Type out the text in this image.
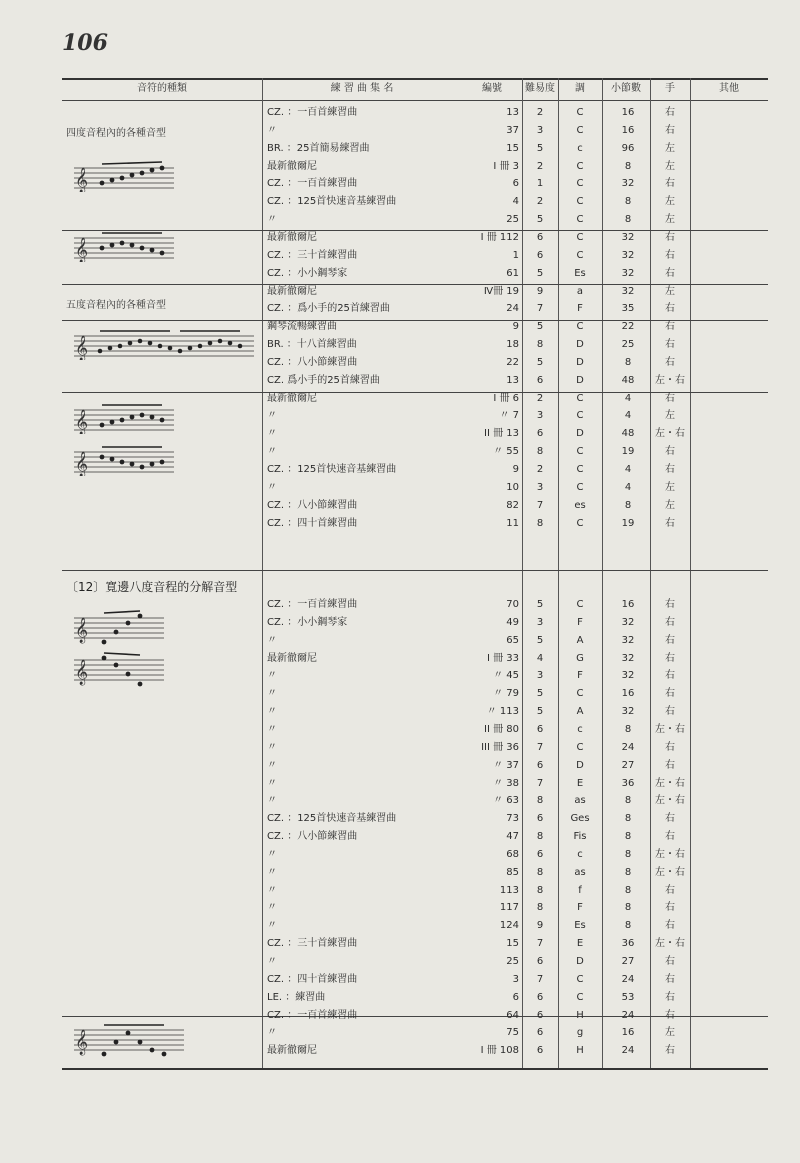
106
音符的種類	練 習 曲 集 名	編號	難易度	調	小節數	手	其他
四度音程內的各種音型
五度音程內的各種音型
〔12〕寬邊八度音程的分解音型
𝄞
𝄞
𝄞
𝄞
𝄞
𝄞
𝄞
𝄞
CZ. ：一百首練習曲	13	2	C	16	右
〃	37	3	C	16	右
BR. ：25首簡易練習曲	15	5	c	96	左
最新徹爾尼	I 冊 3	2	C	8	左
CZ. ：一百首練習曲	6	1	C	32	右
CZ. ：125首快速音基練習曲	4	2	C	8	左
〃	25	5	C	8	左
最新徹爾尼	I 冊 112	6	C	32	右
CZ. ：三十首練習曲	1	6	C	32	右
CZ. ：小小鋼琴家	61	5	Es	32	右
最新徹爾尼	Ⅳ冊 19	9	a	32	左
CZ. ：爲小手的25首練習曲	24	7	F	35	右
鋼琴流暢練習曲	9	5	C	22	右
BR. ：十八首練習曲	18	8	D	25	右
CZ. ：八小節練習曲	22	5	D	8	右
CZ. 爲小手的25首練習曲	13	6	D	48	左・右
最新徹爾尼	I 冊 6	2	C	4	右
〃	〃 7	3	C	4	左
〃	II 冊 13	6	D	48	左・右
〃	〃 55	8	C	19	右
CZ. ：125首快速音基練習曲	9	2	C	4	右
〃	10	3	C	4	左
CZ. ：八小節練習曲	82	7	es	8	左
CZ. ：四十首練習曲	11	8	C	19	右
CZ. ：一百首練習曲	70	5	C	16	右
CZ. ：小小鋼琴家	49	3	F	32	右
〃	65	5	A	32	右
最新徹爾尼	I 冊 33	4	G	32	右
〃	〃 45	3	F	32	右
〃	〃 79	5	C	16	右
〃	〃 113	5	A	32	右
〃	II 冊 80	6	c	8	左・右
〃	III 冊 36	7	C	24	右
〃	〃 37	6	D	27	右
〃	〃 38	7	E	36	左・右
〃	〃 63	8	as	8	左・右
CZ. ：125首快速音基練習曲	73	6	Ges	8	右
CZ. ：八小節練習曲	47	8	Fis	8	右
〃	68	6	c	8	左・右
〃	85	8	as	8	左・右
〃	113	8	f	8	右
〃	117	8	F	8	右
〃	124	9	Es	8	右
CZ. ：三十首練習曲	15	7	E	36	左・右
〃	25	6	D	27	右
CZ. ：四十首練習曲	3	7	C	24	右
LE. ：練習曲	6	6	C	53	右
CZ. ：一百首練習曲	64	6	H	24	右
〃	75	6	g	16	左
最新徹爾尼	I 冊 108	6	H	24	右
